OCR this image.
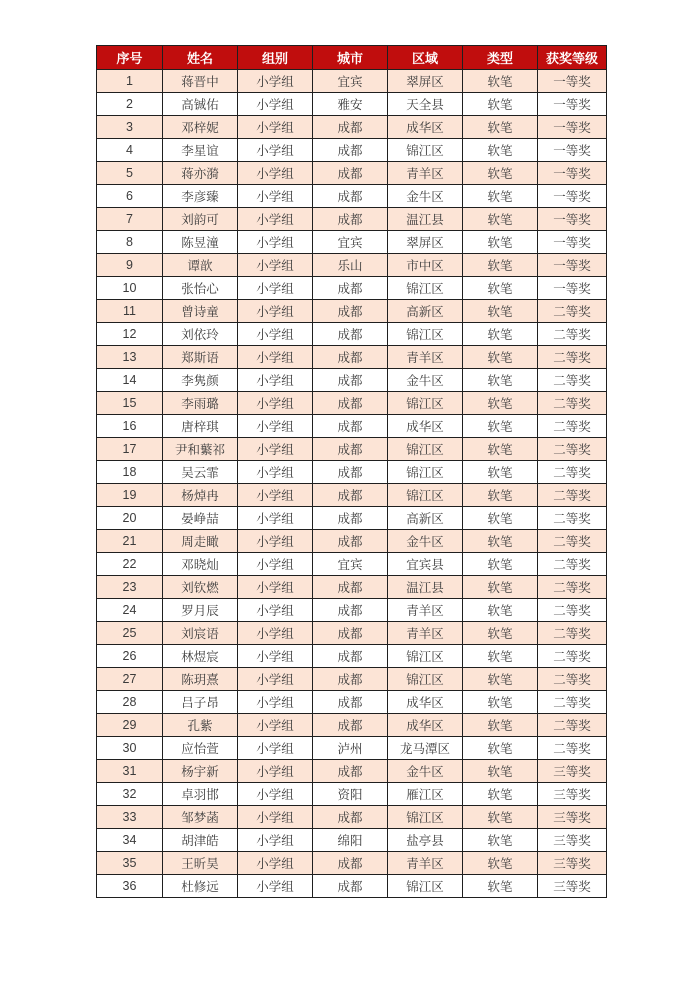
序号	姓名	组别	城市	区域	类型	获奖等级
1	蒋晋中	小学组	宜宾	翠屏区	软笔	一等奖
2	高铖佑	小学组	雅安	天全县	软笔	一等奖
3	邓梓妮	小学组	成都	成华区	软笔	一等奖
4	李星谊	小学组	成都	锦江区	软笔	一等奖
5	蒋亦漪	小学组	成都	青羊区	软笔	一等奖
6	李彦臻	小学组	成都	金牛区	软笔	一等奖
7	刘韵可	小学组	成都	温江县	软笔	一等奖
8	陈昱潼	小学组	宜宾	翠屏区	软笔	一等奖
9	谭歆	小学组	乐山	市中区	软笔	一等奖
10	张怡心	小学组	成都	锦江区	软笔	一等奖
11	曾诗童	小学组	成都	高新区	软笔	二等奖
12	刘依玲	小学组	成都	锦江区	软笔	二等奖
13	郑斯语	小学组	成都	青羊区	软笔	二等奖
14	李隽颜	小学组	成都	金牛区	软笔	二等奖
15	李雨璐	小学组	成都	锦江区	软笔	二等奖
16	唐梓琪	小学组	成都	成华区	软笔	二等奖
17	尹和蘩祁	小学组	成都	锦江区	软笔	二等奖
18	吴云霏	小学组	成都	锦江区	软笔	二等奖
19	杨焯冉	小学组	成都	锦江区	软笔	二等奖
20	晏峥喆	小学组	成都	高新区	软笔	二等奖
21	周走瞰	小学组	成都	金牛区	软笔	二等奖
22	邓晓灿	小学组	宜宾	宜宾县	软笔	二等奖
23	刘钦燃	小学组	成都	温江县	软笔	二等奖
24	罗月辰	小学组	成都	青羊区	软笔	二等奖
25	刘宸语	小学组	成都	青羊区	软笔	二等奖
26	林煜宸	小学组	成都	锦江区	软笔	二等奖
27	陈玥熹	小学组	成都	锦江区	软笔	二等奖
28	吕子昂	小学组	成都	成华区	软笔	二等奖
29	孔紫	小学组	成都	成华区	软笔	二等奖
30	应怡萱	小学组	泸州	龙马潭区	软笔	二等奖
31	杨宇新	小学组	成都	金牛区	软笔	三等奖
32	卓羽邯	小学组	资阳	雁江区	软笔	三等奖
33	邹梦菡	小学组	成都	锦江区	软笔	三等奖
34	胡津皓	小学组	绵阳	盐亭县	软笔	三等奖
35	王昕昊	小学组	成都	青羊区	软笔	三等奖
36	杜修远	小学组	成都	锦江区	软笔	三等奖
